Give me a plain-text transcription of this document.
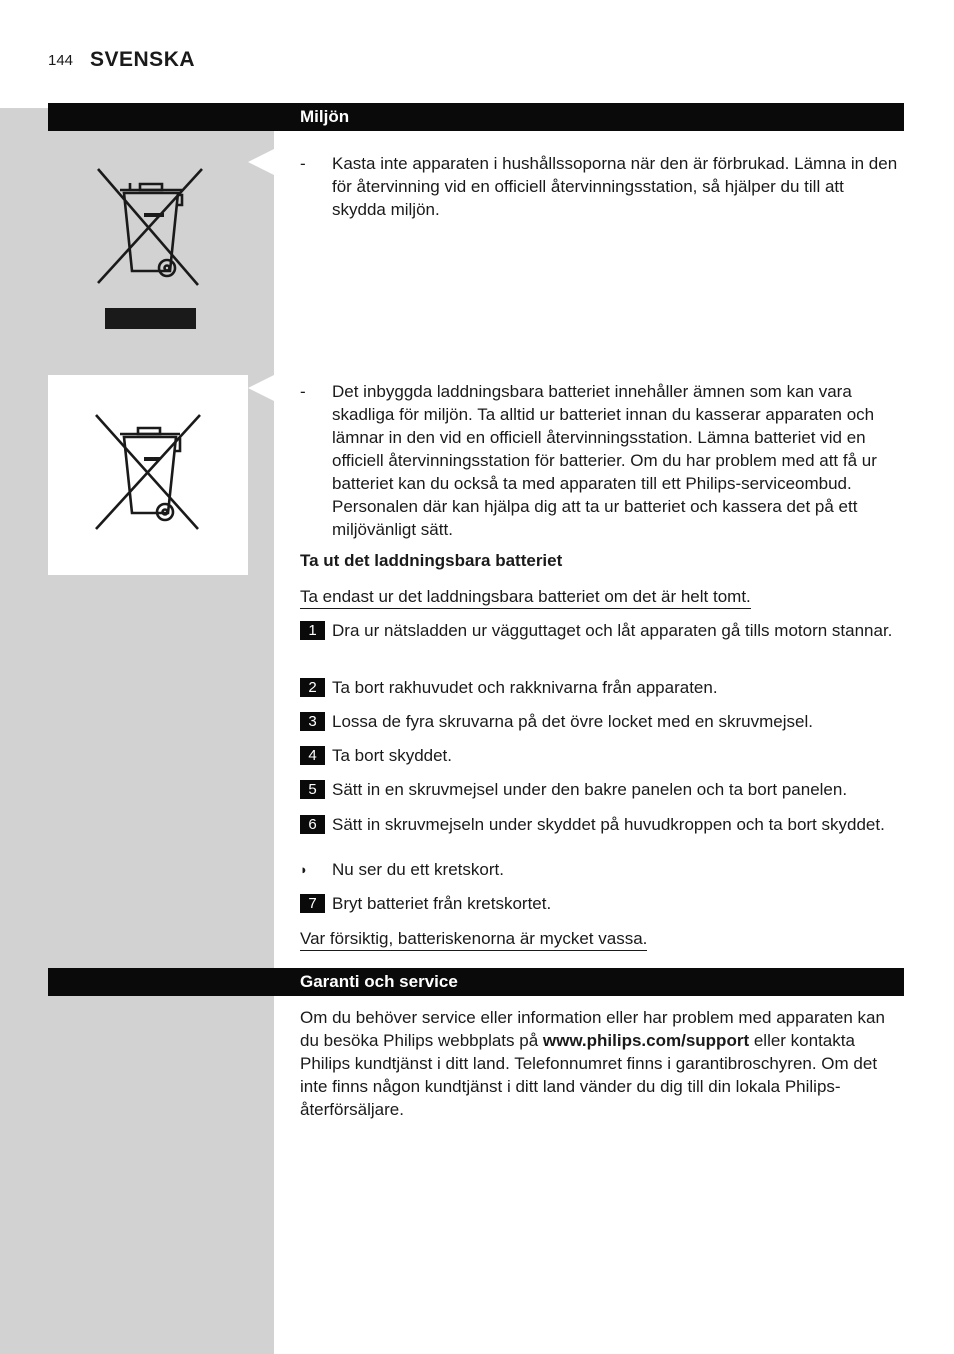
144 SVENSKA
Miljön
- Kasta inte apparaten i hushållssoporna när den är förbrukad. Lämna in den för återvinning vid en officiell återvinningsstation, så hjälper du till att skydda miljön.
- Det inbyggda laddningsbara batteriet innehåller ämnen som kan vara skadliga för miljön. Ta alltid ur batteriet innan du kasserar apparaten och lämnar in den vid en officiell återvinningsstation. Lämna batteriet vid en officiell återvinningsstation för batterier. Om du har problem med att få ur batteriet kan du också ta med apparaten till ett Philips-serviceombud. Personalen där kan hjälpa dig att ta ur batteriet och kassera det på ett miljövänligt sätt.
Ta ut det laddningsbara batteriet
Ta endast ur det laddningsbara batteriet om det är helt tomt.
1 Dra ur nätsladden ur vägguttaget och låt apparaten gå tills motorn stannar.
2 Ta bort rakhuvudet och rakknivarna från apparaten.
3 Lossa de fyra skruvarna på det övre locket med en skruvmejsel.
4 Ta bort skyddet.
5 Sätt in en skruvmejsel under den bakre panelen och ta bort panelen.
6 Sätt in skruvmejseln under skyddet på huvudkroppen och ta bort skyddet.
◗ Nu ser du ett kretskort.
7 Bryt batteriet från kretskortet.
Var försiktig, batteriskenorna är mycket vassa.
Garanti och service
Om du behöver service eller information eller har problem med apparaten kan du besöka Philips webbplats på www.philips.com/support eller kontakta Philips kundtjänst i ditt land. Telefonnumret finns i garantibroschyren. Om det inte finns någon kundtjänst i ditt land vänder du dig till din lokala Philips-återförsäljare.
